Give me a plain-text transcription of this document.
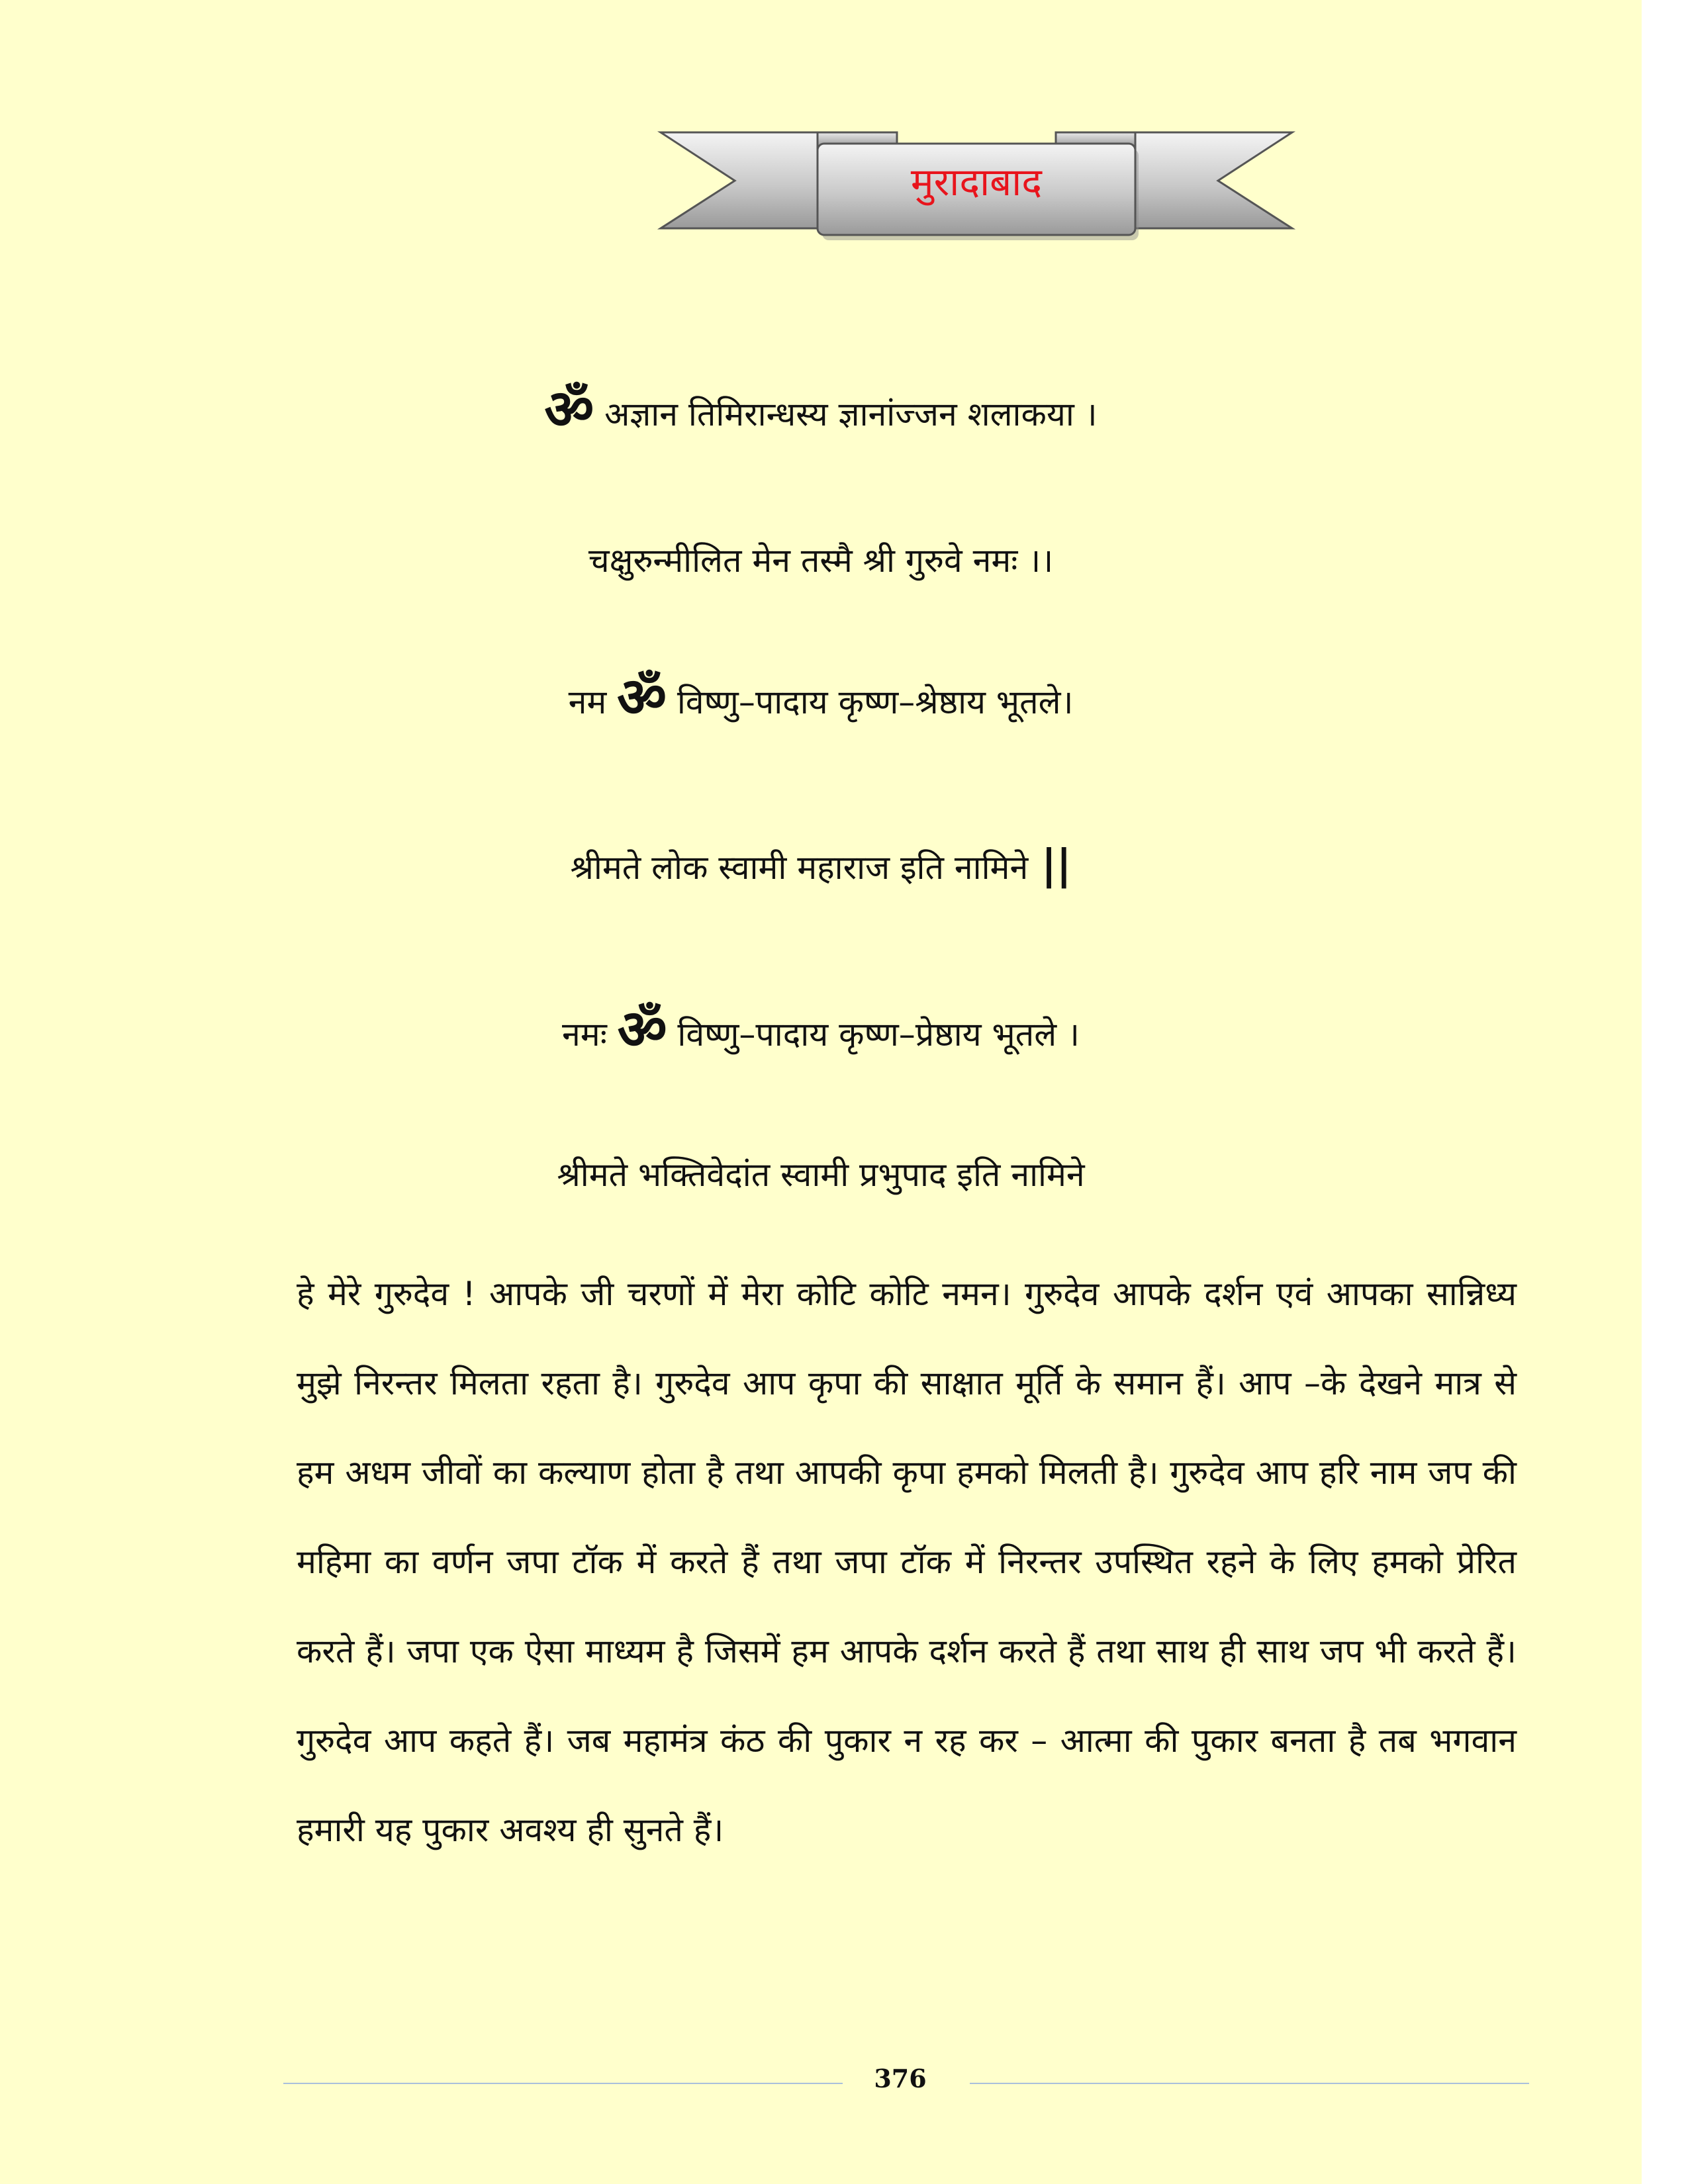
मुरादाबाद
ॐ अज्ञान तिमिरान्धस्य ज्ञानांज्जन शलाकया ।
चक्षुरुन्मीलित मेन तस्मै श्री गुरुवे नमः ।।
नम ॐ विष्णु–पादाय कृष्ण–श्रेष्ठाय भूतले।
श्रीमते लोक स्वामी महाराज इति नामिने ||
नमः ॐ विष्णु–पादाय कृष्ण–प्रेष्ठाय भूतले ।
श्रीमते भक्तिवेदांत स्वामी प्रभुपाद इति नामिने
हे मेरे गुरुदेव ! आपके जी चरणों में मेरा कोटि कोटि नमन। गुरुदेव आपके दर्शन एवं आपका सान्निध्य मुझे निरन्तर मिलता रहता है। गुरुदेव आप कृपा की साक्षात मूर्ति के समान हैं। आप –के देखने मात्र से हम अधम जीवों का कल्याण होता है तथा आपकी कृपा हमको मिलती है। गुरुदेव आप हरि नाम जप की महिमा का वर्णन जपा टॉक में करते हैं तथा जपा टॉक में निरन्तर उपस्थित रहने के लिए हमको प्रेरित करते हैं। जपा एक ऐसा माध्यम है जिसमें हम आपके दर्शन करते हैं तथा साथ ही साथ जप भी करते हैं। गुरुदेव आप कहते हैं। जब महामंत्र कंठ की पुकार न रह कर – आत्मा की पुकार बनता है तब भगवान हमारी यह पुकार अवश्य ही सुनते हैं।
376
